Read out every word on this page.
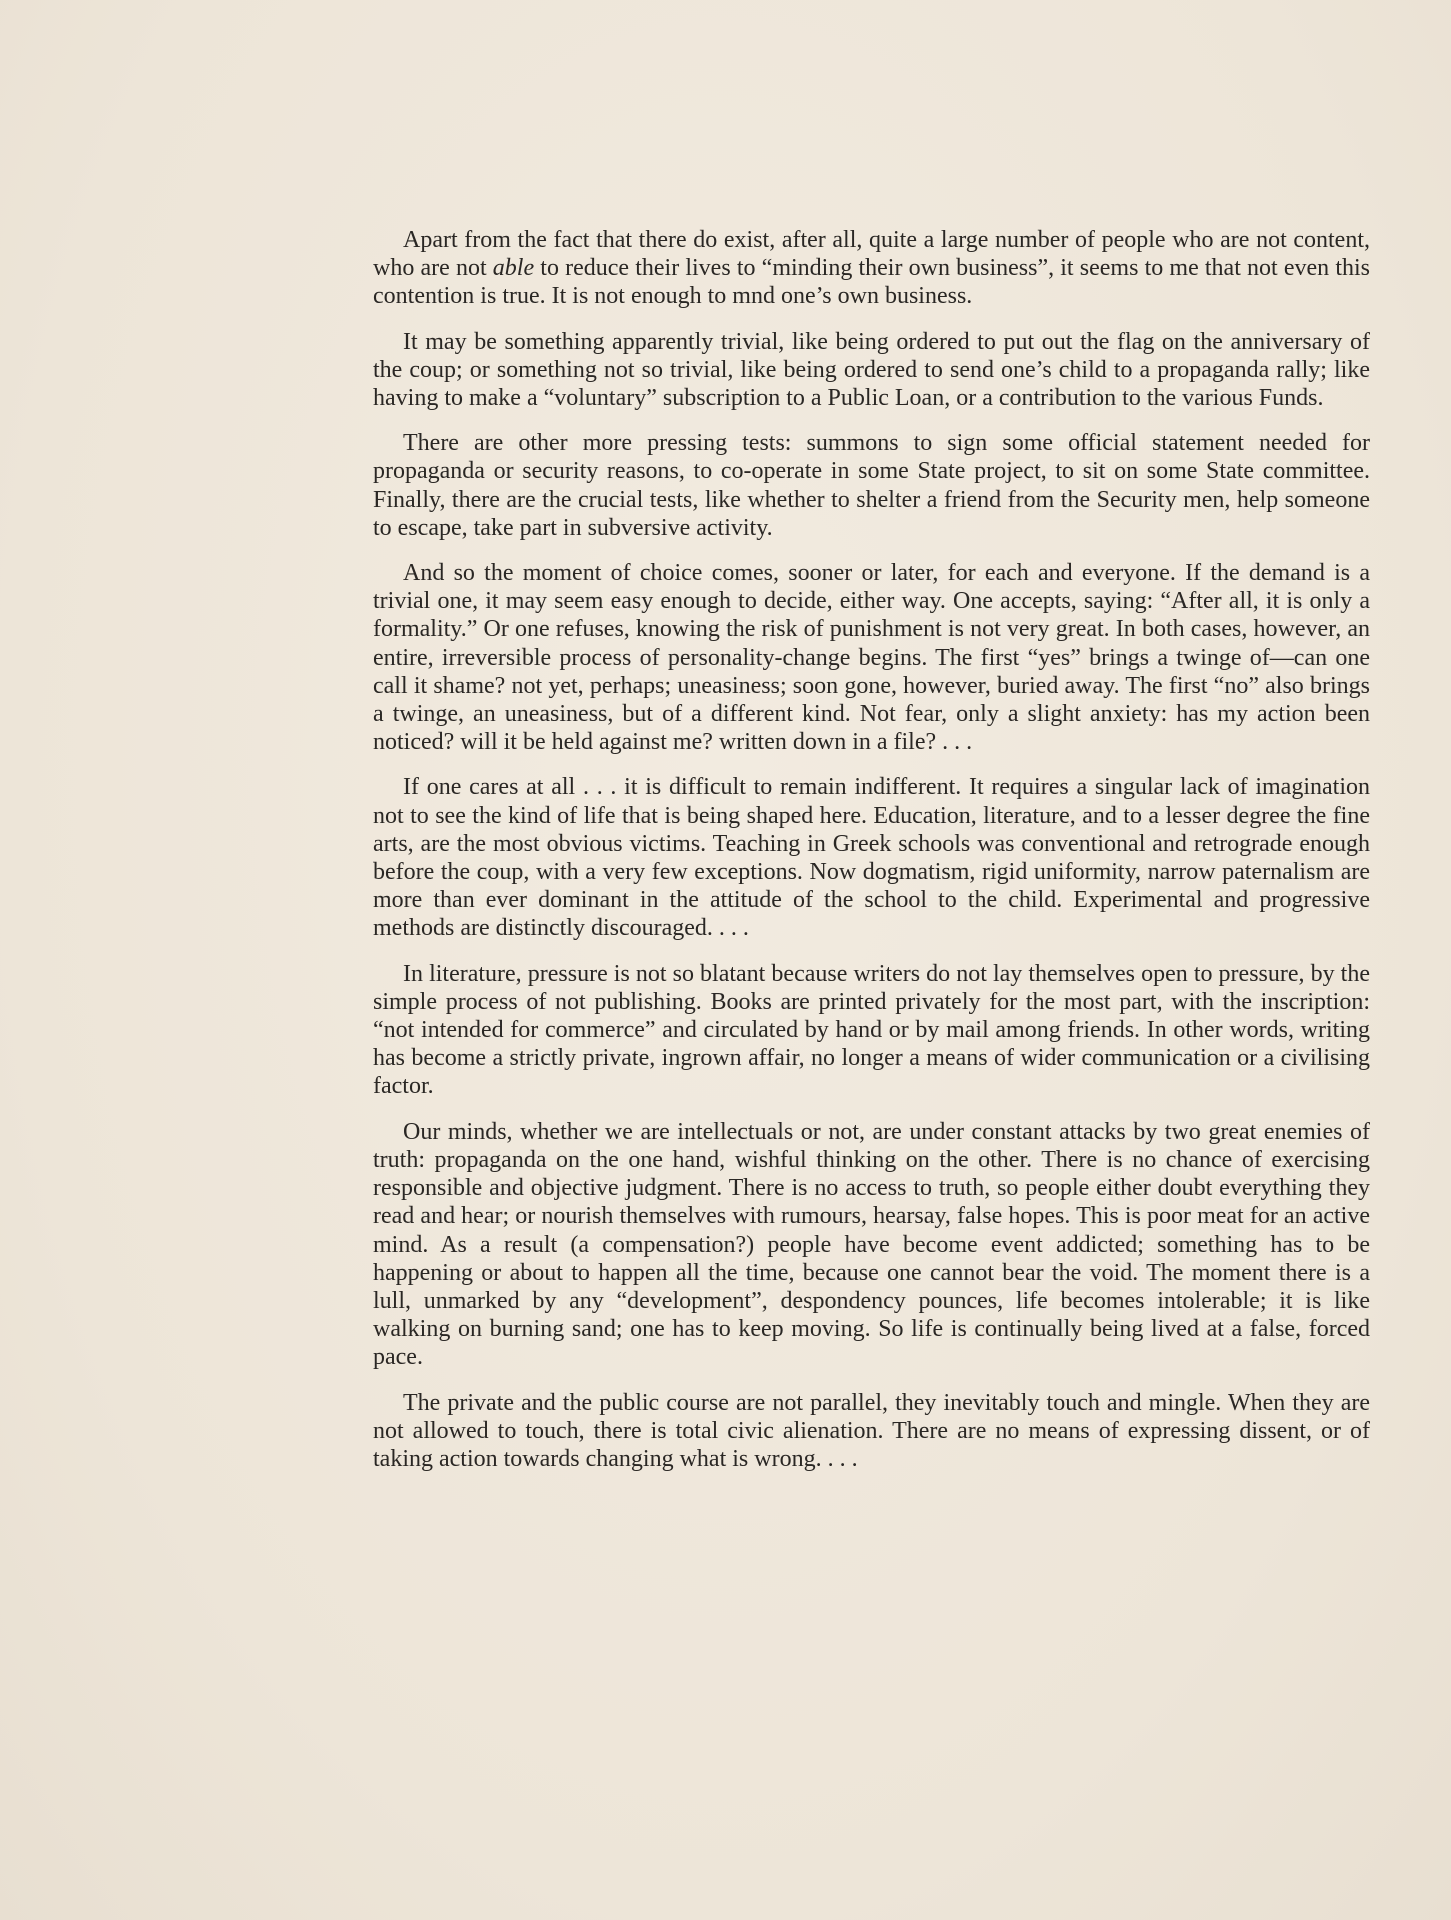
Apart from the fact that there do exist, after all, quite a large number of people who are not content, who are not able to reduce their lives to “minding their own business”, it seems to me that not even this contention is true. It is not enough to mnd one’s own business.

It may be something apparently trivial, like being ordered to put out the flag on the anniversary of the coup; or something not so trivial, like being ordered to send one’s child to a propaganda rally; like having to make a “voluntary” subscription to a Public Loan, or a contribution to the various Funds.

There are other more pressing tests: summons to sign some official statement needed for propaganda or security reasons, to co-operate in some State project, to sit on some State committee. Finally, there are the crucial tests, like whether to shelter a friend from the Security men, help someone to escape, take part in subversive activity.

And so the moment of choice comes, sooner or later, for each and everyone. If the demand is a trivial one, it may seem easy enough to decide, either way. One accepts, saying: “After all, it is only a formality.” Or one refuses, knowing the risk of punishment is not very great. In both cases, however, an entire, irreversible process of personality-change begins. The first “yes” brings a twinge of—can one call it shame? not yet, perhaps; uneasiness; soon gone, however, buried away. The first “no” also brings a twinge, an uneasiness, but of a different kind. Not fear, only a slight anxiety: has my action been noticed? will it be held against me? written down in a file? . . .

If one cares at all . . . it is difficult to remain indifferent. It requires a singular lack of imagination not to see the kind of life that is being shaped here. Education, literature, and to a lesser degree the fine arts, are the most obvious victims. Teaching in Greek schools was conventional and retrograde enough before the coup, with a very few exceptions. Now dogmatism, rigid uniformity, narrow paternalism are more than ever dominant in the attitude of the school to the child. Experimental and progressive methods are distinctly discouraged. . . .

In literature, pressure is not so blatant because writers do not lay themselves open to pressure, by the simple process of not publishing. Books are printed privately for the most part, with the inscription: “not intended for commerce” and circulated by hand or by mail among friends. In other words, writing has become a strictly private, ingrown affair, no longer a means of wider communication or a civilising factor.

Our minds, whether we are intellectuals or not, are under constant attacks by two great enemies of truth: propaganda on the one hand, wishful thinking on the other. There is no chance of exercising responsible and objective judgment. There is no access to truth, so people either doubt everything they read and hear; or nourish themselves with rumours, hearsay, false hopes. This is poor meat for an active mind. As a result (a compensation?) people have become event addicted; something has to be happening or about to happen all the time, because one cannot bear the void. The moment there is a lull, unmarked by any “development”, despondency pounces, life becomes intolerable; it is like walking on burning sand; one has to keep moving. So life is continually being lived at a false, forced pace.

The private and the public course are not parallel, they inevitably touch and mingle. When they are not allowed to touch, there is total civic alienation. There are no means of expressing dissent, or of taking action towards changing what is wrong. . . .
